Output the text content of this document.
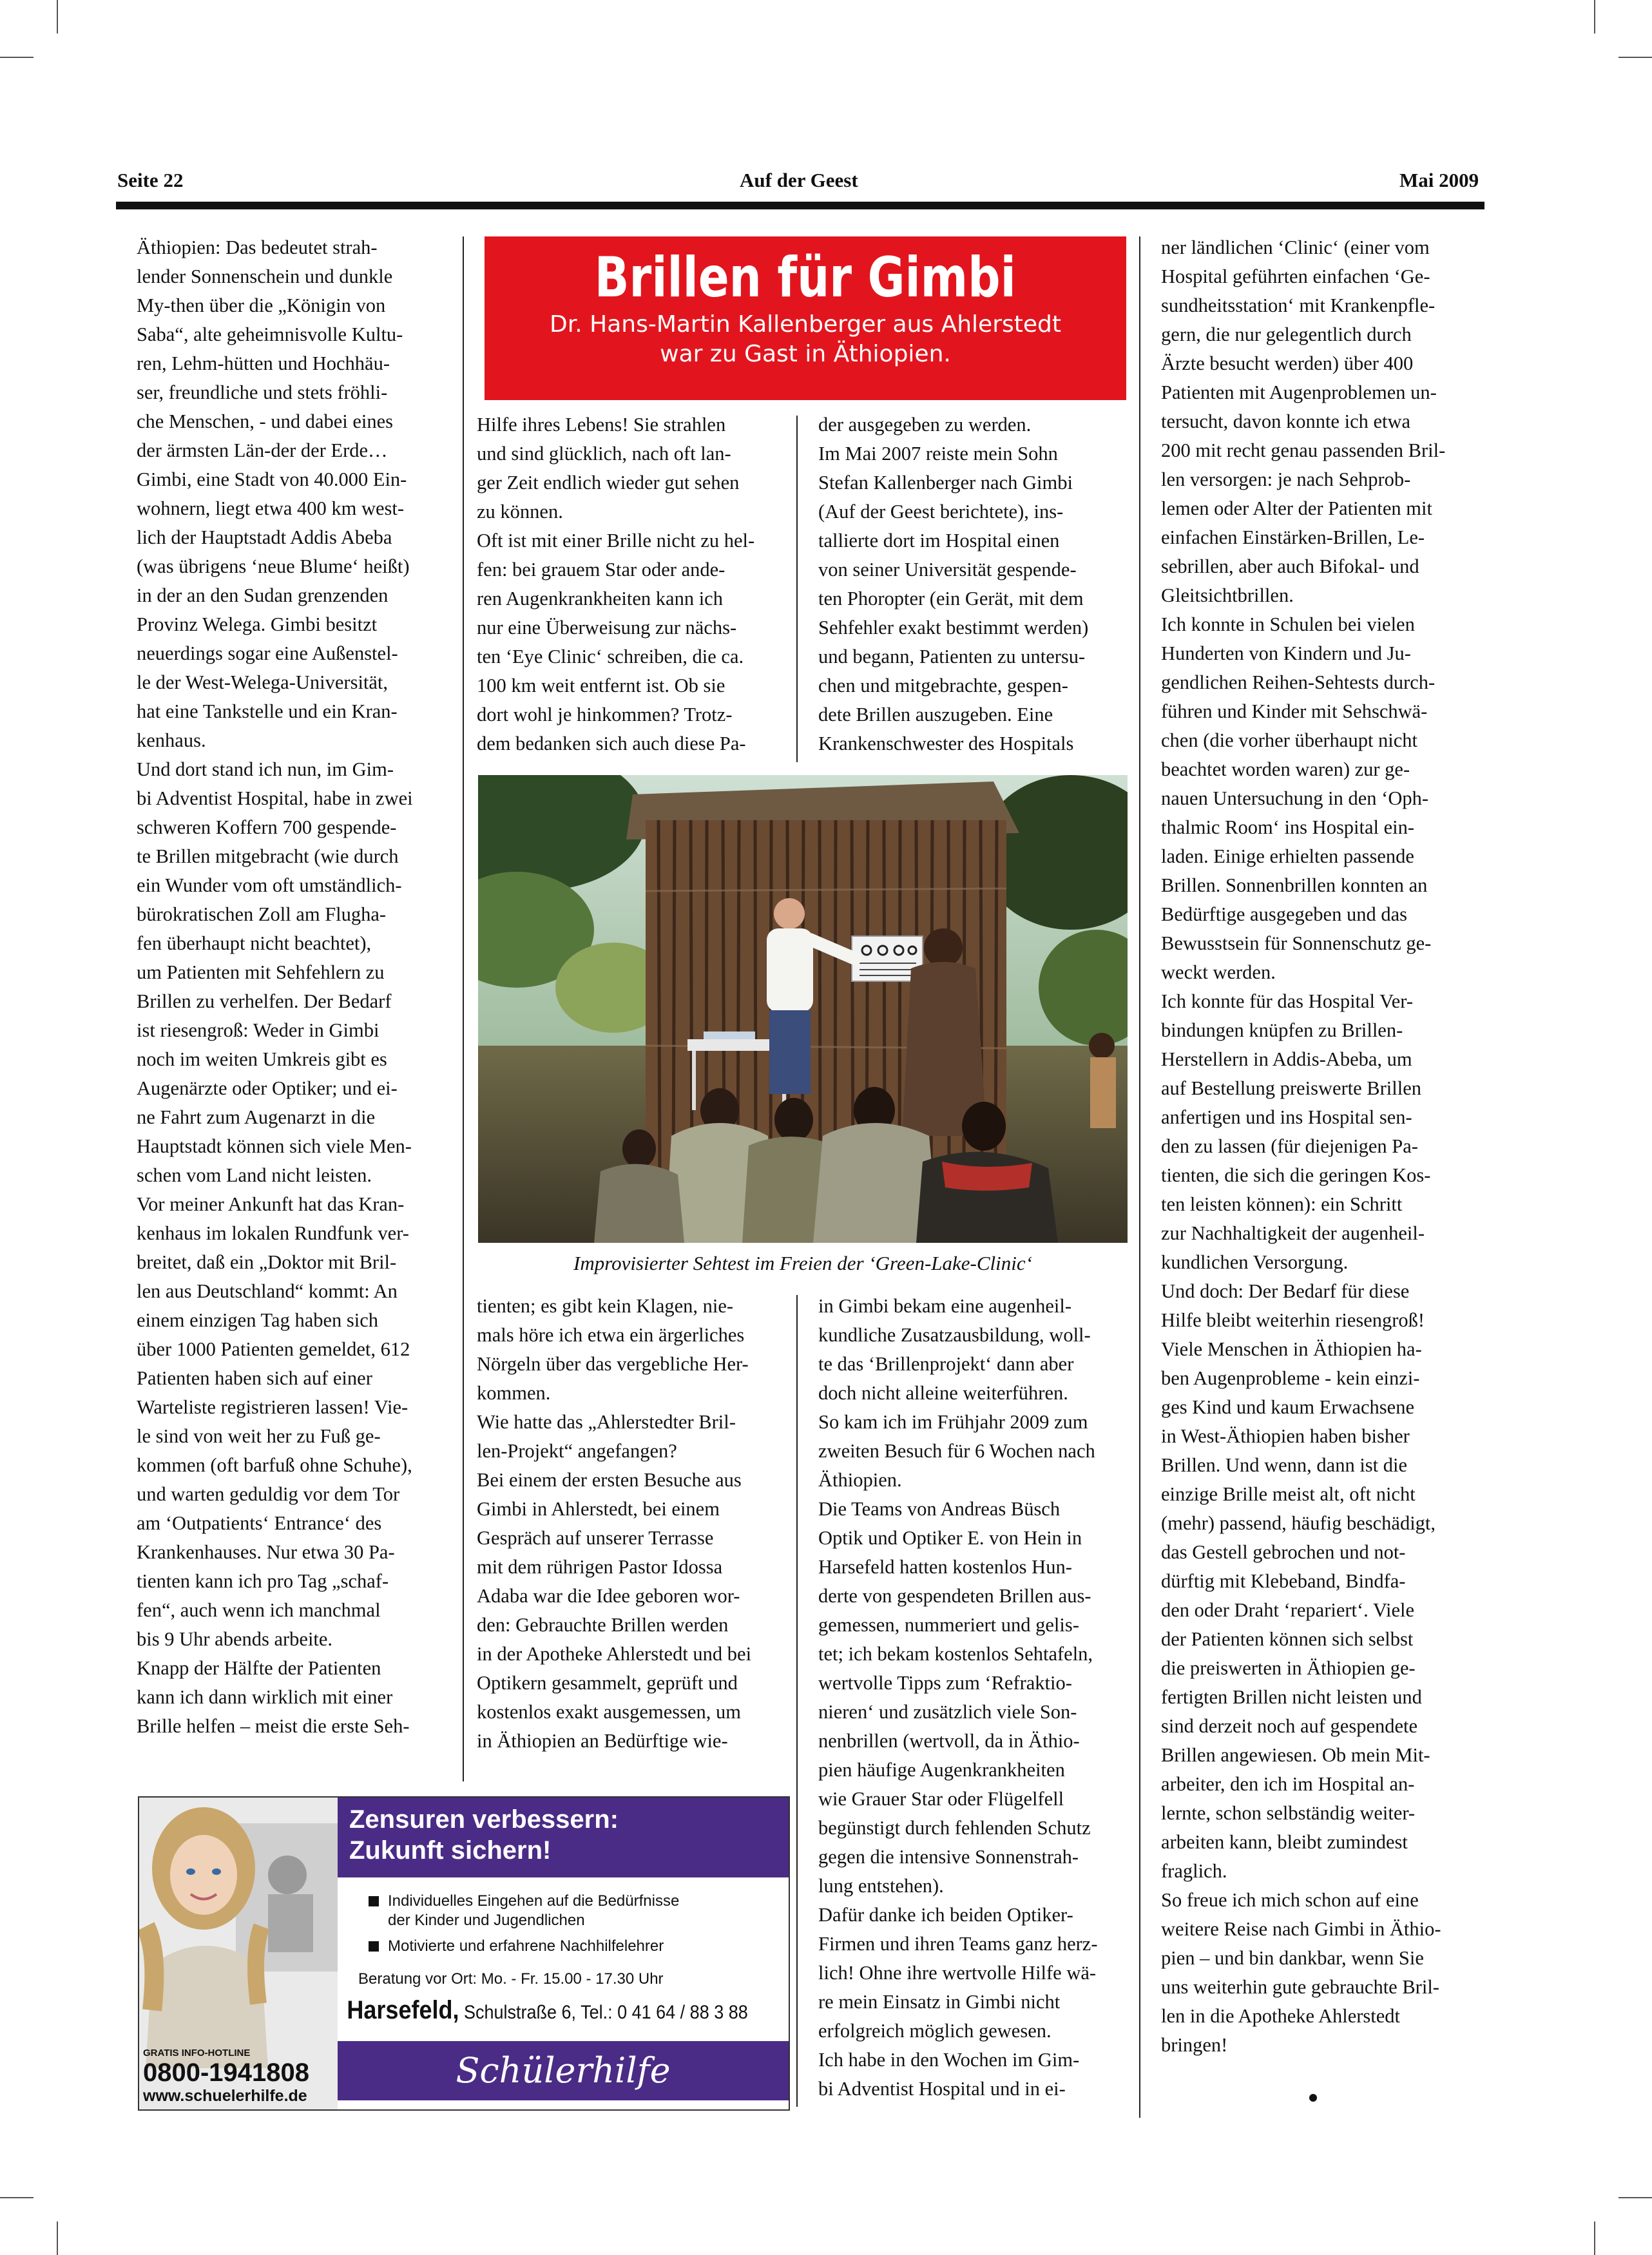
Seite 22	Auf der Geest	Mai 2009

Äthiopien: Das bedeutet strah-

lender Sonnenschein und dunkle

My-then über die „Königin von

Saba“, alte geheimnisvolle Kultu-

ren, Lehm-hütten und Hochhäu-

ser, freundliche und stets fröhli-

che Menschen, - und dabei eines

der ärmsten Län-der der Erde…

Gimbi, eine Stadt von 40.000 Ein-

wohnern, liegt etwa 400 km west-

lich der Hauptstadt Addis Abeba

(was übrigens ‘neue Blume‘ heißt)

in der an den Sudan grenzenden

Provinz Welega. Gimbi besitzt

neuerdings sogar eine Außenstel-

le der West-Welega-Universität,

hat eine Tankstelle und ein Kran-

kenhaus.

Und dort stand ich nun, im Gim-

bi Adventist Hospital, habe in zwei

schweren Koffern 700 gespende-

te Brillen mitgebracht (wie durch

ein Wunder vom oft umständlich-

bürokratischen Zoll am Flugha-

fen überhaupt nicht beachtet),

um Patienten mit Sehfehlern zu

Brillen zu verhelfen. Der Bedarf

ist riesengroß: Weder in Gimbi

noch im weiten Umkreis gibt es

Augenärzte oder Optiker; und ei-

ne Fahrt zum Augenarzt in die

Hauptstadt können sich viele Men-

schen vom Land nicht leisten.

Vor meiner Ankunft hat das Kran-

kenhaus im lokalen Rundfunk ver-

breitet, daß ein „Doktor mit Bril-

len aus Deutschland“ kommt: An

einem einzigen Tag haben sich

über 1000 Patienten gemeldet, 612

Patienten haben sich auf einer

Warteliste registrieren lassen! Vie-

le sind von weit her zu Fuß ge-

kommen (oft barfuß ohne Schuhe),

und warten geduldig vor dem Tor

am ‘Outpatients‘ Entrance‘ des

Krankenhauses. Nur etwa 30 Pa-

tienten kann ich pro Tag „schaf-

fen“, auch wenn ich manchmal

bis 9 Uhr abends arbeite.

Knapp der Hälfte der Patienten

kann ich dann wirklich mit einer

Brille helfen – meist die erste Seh-

Hilfe ihres Lebens! Sie strahlen

und sind glücklich, nach oft lan-

ger Zeit endlich wieder gut sehen

zu können.

Oft ist mit einer Brille nicht zu hel-

fen: bei grauem Star oder ande-

ren Augenkrankheiten kann ich

nur eine Überweisung zur nächs-

ten ‘Eye Clinic‘ schreiben, die ca.

100 km weit entfernt ist. Ob sie

dort wohl je hinkommen? Trotz-

dem bedanken sich auch diese Pa-

der ausgegeben zu werden.

Im Mai 2007 reiste mein Sohn

Stefan Kallenberger nach Gimbi

(Auf der Geest berichtete), ins-

tallierte dort im Hospital einen

von seiner Universität gespende-

ten Phoropter (ein Gerät, mit dem

Sehfehler exakt bestimmt werden)

und begann, Patienten zu untersu-

chen und mitgebrachte, gespen-

dete Brillen auszugeben. Eine

Krankenschwester des Hospitals

tienten; es gibt kein Klagen, nie-

mals höre ich etwa ein ärgerliches

Nörgeln über das vergebliche Her-

kommen.

Wie hatte das „Ahlerstedter Bril-

len-Projekt“ angefangen?

Bei einem der ersten Besuche aus

Gimbi in Ahlerstedt, bei einem

Gespräch auf unserer Terrasse

mit dem rührigen Pastor Idossa

Adaba war die Idee geboren wor-

den: Gebrauchte Brillen werden

in der Apotheke Ahlerstedt und bei

Optikern gesammelt, geprüft und

kostenlos exakt ausgemessen, um

in Äthiopien an Bedürftige wie-

in Gimbi bekam eine augenheil-

kundliche Zusatzausbildung, woll-

te das ‘Brillenprojekt‘ dann aber

doch nicht alleine weiterführen.

So kam ich im Frühjahr 2009 zum

zweiten Besuch für 6 Wochen nach

Äthiopien.

Die Teams von Andreas Büsch

Optik und Optiker E. von Hein in

Harsefeld hatten kostenlos Hun-

derte von gespendeten Brillen aus-

gemessen, nummeriert und gelis-

tet; ich bekam kostenlos Sehtafeln,

wertvolle Tipps zum ‘Refraktio-

nieren‘ und zusätzlich viele Son-

nenbrillen (wertvoll, da in Äthio-

pien häufige Augenkrankheiten

wie Grauer Star oder Flügelfell

begünstigt durch fehlenden Schutz

gegen die intensive Sonnenstrah-

lung entstehen).

Dafür danke ich beiden Optiker-

Firmen und ihren Teams ganz herz-

lich! Ohne ihre wertvolle Hilfe wä-

re mein Einsatz in Gimbi nicht

erfolgreich möglich gewesen.

Ich habe in den Wochen im Gim-

bi Adventist Hospital und in ei-

ner ländlichen ‘Clinic‘ (einer vom

Hospital geführten einfachen ‘Ge-

sundheitsstation‘ mit Krankenpfle-

gern, die nur gelegentlich durch

Ärzte besucht werden) über 400

Patienten mit Augenproblemen un-

tersucht, davon konnte ich etwa

200 mit recht genau passenden Bril-

len versorgen: je nach Sehprob-

lemen oder Alter der Patienten mit

einfachen Einstärken-Brillen, Le-

sebrillen, aber auch Bifokal- und

Gleitsichtbrillen.

Ich konnte in Schulen bei vielen

Hunderten von Kindern und Ju-

gendlichen Reihen-Sehtests durch-

führen und Kinder mit Sehschwä-

chen (die vorher überhaupt nicht

beachtet worden waren) zur ge-

nauen Untersuchung in den ‘Oph-

thalmic Room‘ ins Hospital ein-

laden. Einige erhielten passende

Brillen. Sonnenbrillen konnten an

Bedürftige ausgegeben und das

Bewusstsein für Sonnenschutz ge-

weckt werden.

Ich konnte für das Hospital Ver-

bindungen knüpfen zu Brillen-

Herstellern in Addis-Abeba, um

auf Bestellung preiswerte Brillen

anfertigen und ins Hospital sen-

den zu lassen (für diejenigen Pa-

tienten, die sich die geringen Kos-

ten leisten können): ein Schritt

zur Nachhaltigkeit der augenheil-

kundlichen Versorgung.

Und doch: Der Bedarf für diese

Hilfe bleibt weiterhin riesengroß!

Viele Menschen in Äthiopien ha-

ben Augenprobleme - kein einzi-

ges Kind und kaum Erwachsene

in West-Äthiopien haben bisher

Brillen. Und wenn, dann ist die

einzige Brille meist alt, oft nicht

(mehr) passend, häufig beschädigt,

das Gestell gebrochen und not-

dürftig mit Klebeband, Bindfa-

den oder Draht ‘repariert‘. Viele

der Patienten können sich selbst

die preiswerten in Äthiopien ge-

fertigten Brillen nicht leisten und

sind derzeit noch auf gespendete

Brillen angewiesen. Ob mein Mit-

arbeiter, den ich im Hospital an-

lernte, schon selbständig weiter-

arbeiten kann, bleibt zumindest

fraglich.

So freue ich mich schon auf eine

weitere Reise nach Gimbi in Äthio-

pien – und bin dankbar, wenn Sie

uns weiterhin gute gebrauchte Bril-

len in die Apotheke Ahlerstedt

bringen!

Brillen für Gimbi
Dr. Hans-Martin Kallenberger aus Ahlerstedt
war zu Gast in Äthiopien.
Improvisierter Sehtest im Freien der ‘Green-Lake-Clinic‘
GRATIS INFO-HOTLINE
0800-1941808
www.schuelerhilfe.de
Zensuren verbessern:
Zukunft sichern!
Individuelles Eingehen auf die Bedürfnisse
der Kinder und Jugendlichen
Motivierte und erfahrene Nachhilfelehrer
Beratung vor Ort: Mo. - Fr. 15.00 - 17.30 Uhr
Harsefeld, Schulstraße 6, Tel.: 0 41 64 / 88 3 88
Schülerhilfe
